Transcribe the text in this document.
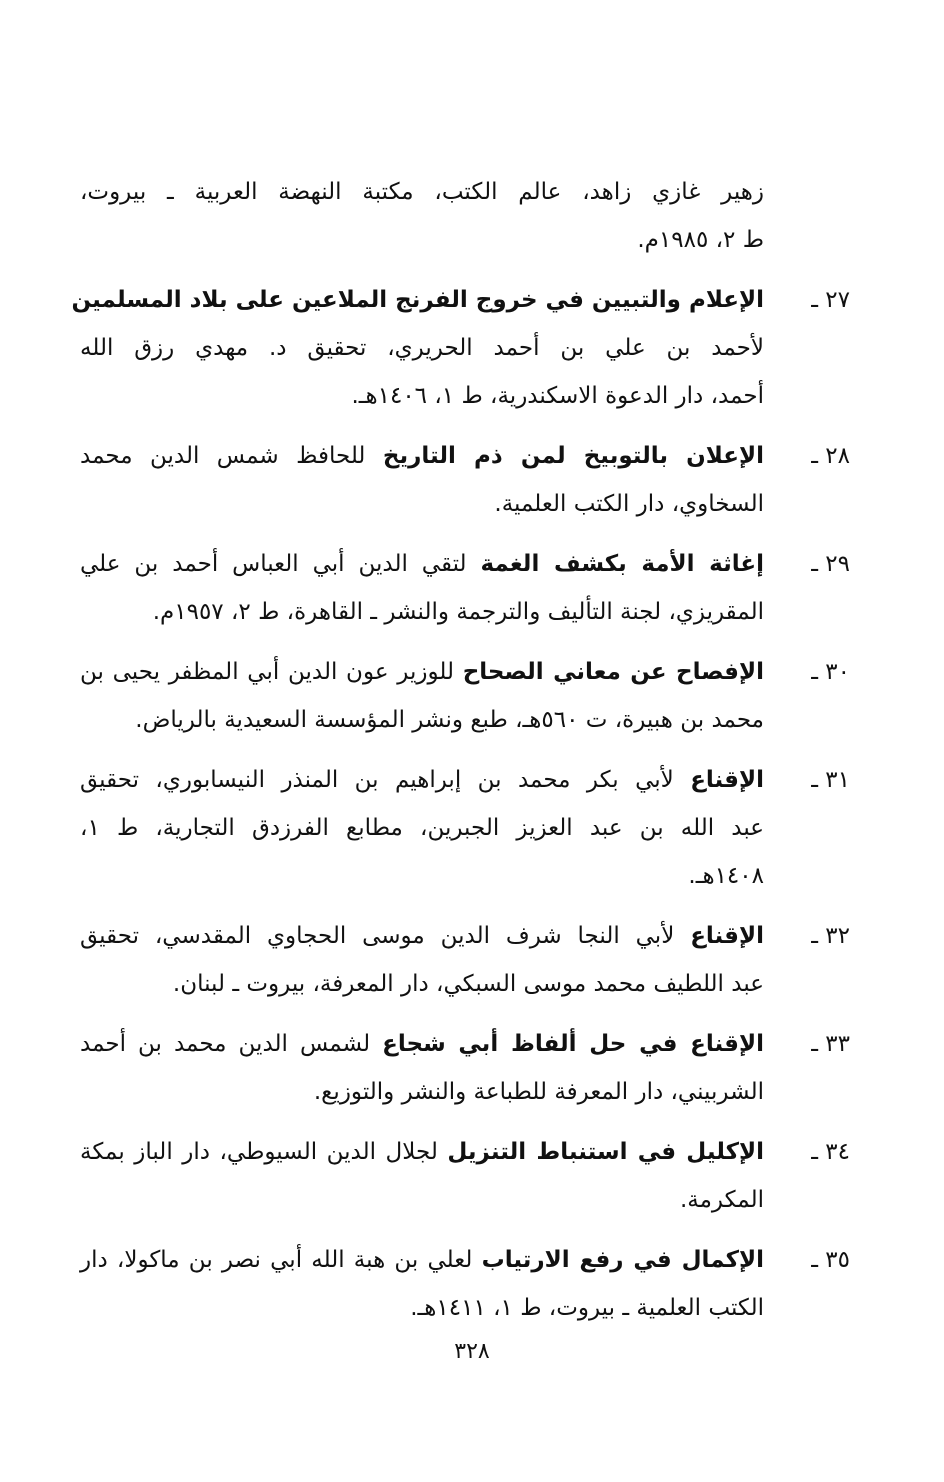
زهير غازي زاهد، عالم الكتب، مكتبة النهضة العربية ـ بيروت،
ط ٢، ١٩٨٥م.
٢٧ ـ
الإعلام والتبيين في خروج الفرنج الملاعين على بلاد المسلمين
لأحمد بن علي بن أحمد الحريري، تحقيق د. مهدي رزق الله
أحمد، دار الدعوة الاسكندرية، ط ١، ١٤٠٦هـ.
٢٨ ـ
الإعلان بالتوبيخ لمن ذم التاريخ للحافظ شمس الدين محمد
السخاوي، دار الكتب العلمية.
٢٩ ـ
إغاثة الأمة بكشف الغمة لتقي الدين أبي العباس أحمد بن علي
المقريزي، لجنة التأليف والترجمة والنشر ـ القاهرة، ط ٢، ١٩٥٧م.
٣٠ ـ
الإفصاح عن معاني الصحاح للوزير عون الدين أبي المظفر يحيى بن
محمد بن هبيرة، ت ٥٦٠هـ، طبع ونشر المؤسسة السعيدية بالرياض.
٣١ ـ
الإقناع لأبي بكر محمد بن إبراهيم بن المنذر النيسابوري، تحقيق
عبد الله بن عبد العزيز الجبرين، مطابع الفرزدق التجارية، ط ١،
١٤٠٨هـ.
٣٢ ـ
الإقناع لأبي النجا شرف الدين موسى الحجاوي المقدسي، تحقيق
عبد اللطيف محمد موسى السبكي، دار المعرفة، بيروت ـ لبنان.
٣٣ ـ
الإقناع في حل ألفاظ أبي شجاع لشمس الدين محمد بن أحمد
الشربيني، دار المعرفة للطباعة والنشر والتوزيع.
٣٤ ـ
الإكليل في استنباط التنزيل لجلال الدين السيوطي، دار الباز بمكة
المكرمة.
٣٥ ـ
الإكمال في رفع الارتياب لعلي بن هبة الله أبي نصر بن ماكولا، دار
الكتب العلمية ـ بيروت، ط ١، ١٤١١هـ.
٣٢٨
